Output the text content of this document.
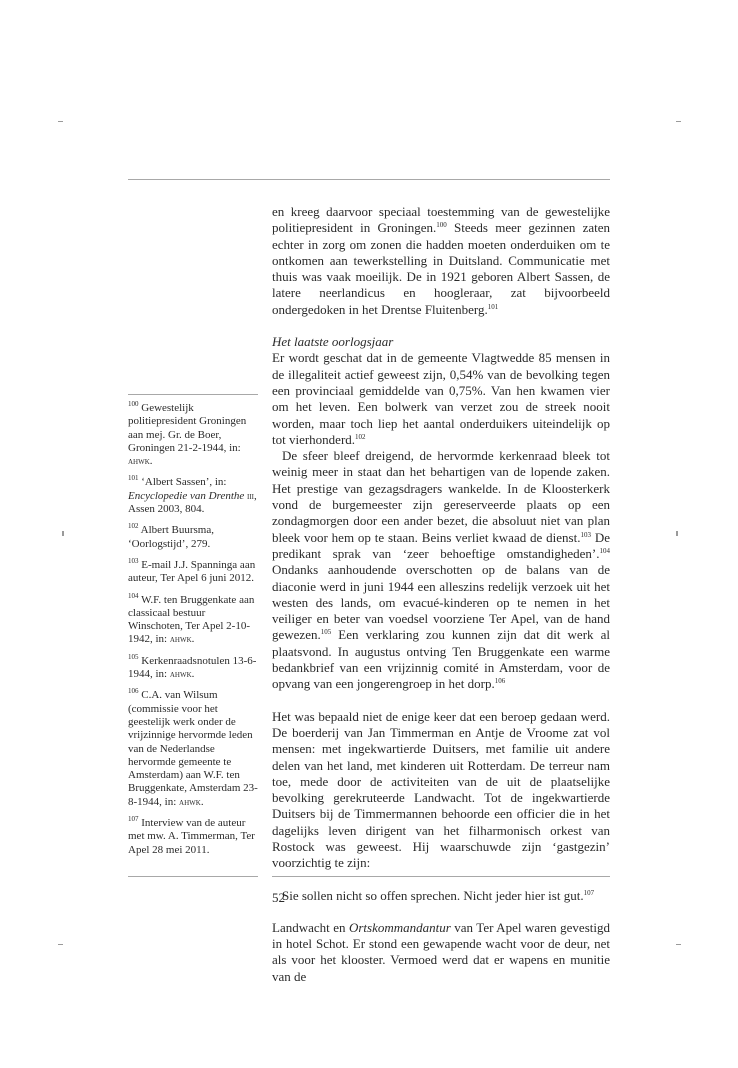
en kreeg daarvoor speciaal toestemming van de gewestelijke politiepresident in Groningen.$^{100}$ Steeds meer gezinnen zaten echter in zorg om zonen die hadden moeten onderduiken om te ontkomen aan tewerkstelling in Duitsland. Communicatie met thuis was vaak moeilijk. De in 1921 geboren Albert Sassen, de latere neerlandicus en hoogleraar, zat bijvoorbeeld ondergedoken in het Drentse Fluitenberg.$^{101}$

Het laatste oorlogsjaar

Er wordt geschat dat in de gemeente Vlagtwedde 85 mensen in de illegaliteit actief geweest zijn, 0,54% van de bevolking tegen een provinciaal gemiddelde van 0,75%. Van hen kwamen vier om het leven. Een bolwerk van verzet zou de streek nooit worden, maar toch liep het aantal onderduikers uiteindelijk op tot vierhonderd.$^{102}$

De sfeer bleef dreigend, de hervormde kerkenraad bleek tot weinig meer in staat dan het behartigen van de lopende zaken. Het prestige van gezagsdragers wankelde. In de Kloosterkerk vond de burgemeester zijn gereserveerde plaats op een zondagmorgen door een ander bezet, die absoluut niet van plan bleek voor hem op te staan. Beins verliet kwaad de dienst.$^{103}$ De predikant sprak van ‘zeer behoeftige omstandigheden’.$^{104}$ Ondanks aanhoudende overschotten op de balans van de diaconie werd in juni 1944 een alleszins redelijk verzoek uit het westen des lands, om evacué-kinderen op te nemen in het veiliger en beter van voedsel voorziene Ter Apel, van de hand gewezen.$^{105}$ Een verklaring zou kunnen zijn dat dit werk al plaatsvond. In augustus ontving Ten Bruggenkate een warme bedankbrief van een vrijzinnig comité in Amsterdam, voor de opvang van een jongerengroep in het dorp.$^{106}$

Het was bepaald niet de enige keer dat een beroep gedaan werd. De boerderij van Jan Timmerman en Antje de Vroome zat vol mensen: met ingekwartierde Duitsers, met familie uit andere delen van het land, met kinderen uit Rotterdam. De terreur nam toe, mede door de activiteiten van de uit de plaatselijke bevolking gerekruteerde Landwacht. Tot de ingekwartierde Duitsers bij de Timmermannen behoorde een officier die in het dagelijks leven dirigent van het filharmonisch orkest van Rostock was geweest. Hij waarschuwde zijn ‘gastgezin’ voorzichtig te zijn:

Sie sollen nicht so offen sprechen. Nicht jeder hier ist gut.$^{107}$

Landwacht en Ortskommandantur van Ter Apel waren gevestigd in hotel Schot. Er stond een gewapende wacht voor de deur, net als voor het klooster. Vermoed werd dat er wapens en munitie van de

$^{100}$ Gewestelijk politiepresident Groningen aan mej. Gr. de Boer, Groningen 21-2-1944, in: ahwk.
$^{101}$ ‘Albert Sassen’, in: Encyclopedie van Drenthe iii, Assen 2003, 804.
$^{102}$ Albert Buursma, ‘Oorlogstijd’, 279.
$^{103}$ E-mail J.J. Spanninga aan auteur, Ter Apel 6 juni 2012.
$^{104}$ W.F. ten Bruggenkate aan classicaal bestuur Winschoten, Ter Apel 2-10-1942, in: ahwk.
$^{105}$ Kerkenraadsnotulen 13-6-1944, in: ahwk.
$^{106}$ C.A. van Wilsum (commissie voor het geestelijk werk onder de vrijzinnige hervormde leden van de Nederlandse hervormde gemeente te Amsterdam) aan W.F. ten Bruggenkate, Amsterdam 23-8-1944, in: ahwk.
$^{107}$ Interview van de auteur met mw. A. Timmerman, Ter Apel 28 mei 2011.
52
